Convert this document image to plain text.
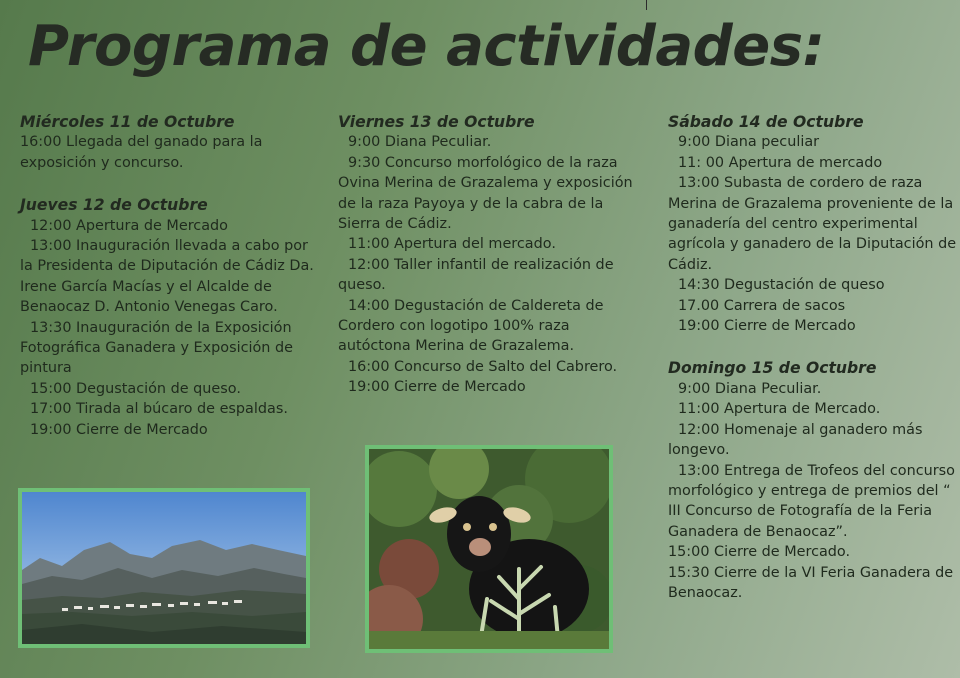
Programa de actividades:
Miércoles 11 de Octubre
16:00 Llegada del ganado para la exposición y concurso.
Jueves 12 de Octubre
12:00 Apertura de Mercado
13:00 Inauguración llevada a cabo por la Presidenta de Diputación de Cádiz Da. Irene García Macías y el Alcalde de Benaocaz D. Antonio Venegas Caro.
13:30 Inauguración de la Exposición Fotográfica Ganadera y Exposición de pintura
15:00 Degustación de queso.
17:00 Tirada al búcaro de espaldas.
19:00 Cierre de Mercado
Viernes 13 de Octubre
9:00 Diana Peculiar.
9:30 Concurso morfológico de la raza Ovina Merina de Grazalema y exposición de la raza Payoya y de la cabra de la Sierra de Cádiz.
11:00 Apertura del mercado.
12:00 Taller infantil de realización de queso.
14:00 Degustación de Caldereta de Cordero con logotipo 100% raza autóctona Merina de Grazalema.
16:00 Concurso de Salto del Cabrero.
19:00 Cierre de Mercado
Sábado 14 de Octubre
9:00 Diana peculiar
11: 00 Apertura de mercado
13:00 Subasta de cordero de raza Merina de Grazalema proveniente de la ganadería del centro experimental agrícola y ganadero de la Diputación de Cádiz.
14:30 Degustación de queso
17.00 Carrera de sacos
19:00 Cierre de Mercado
Domingo 15 de Octubre
9:00 Diana Peculiar.
11:00 Apertura de Mercado.
12:00 Homenaje al ganadero más longevo.
13:00 Entrega de Trofeos del concurso morfológico y entrega de premios del “ III Concurso de Fotografía de la Feria Ganadera de Benaocaz”.
15:00 Cierre de Mercado.
15:30 Cierre de la VI Feria Ganadera de Benaocaz.
